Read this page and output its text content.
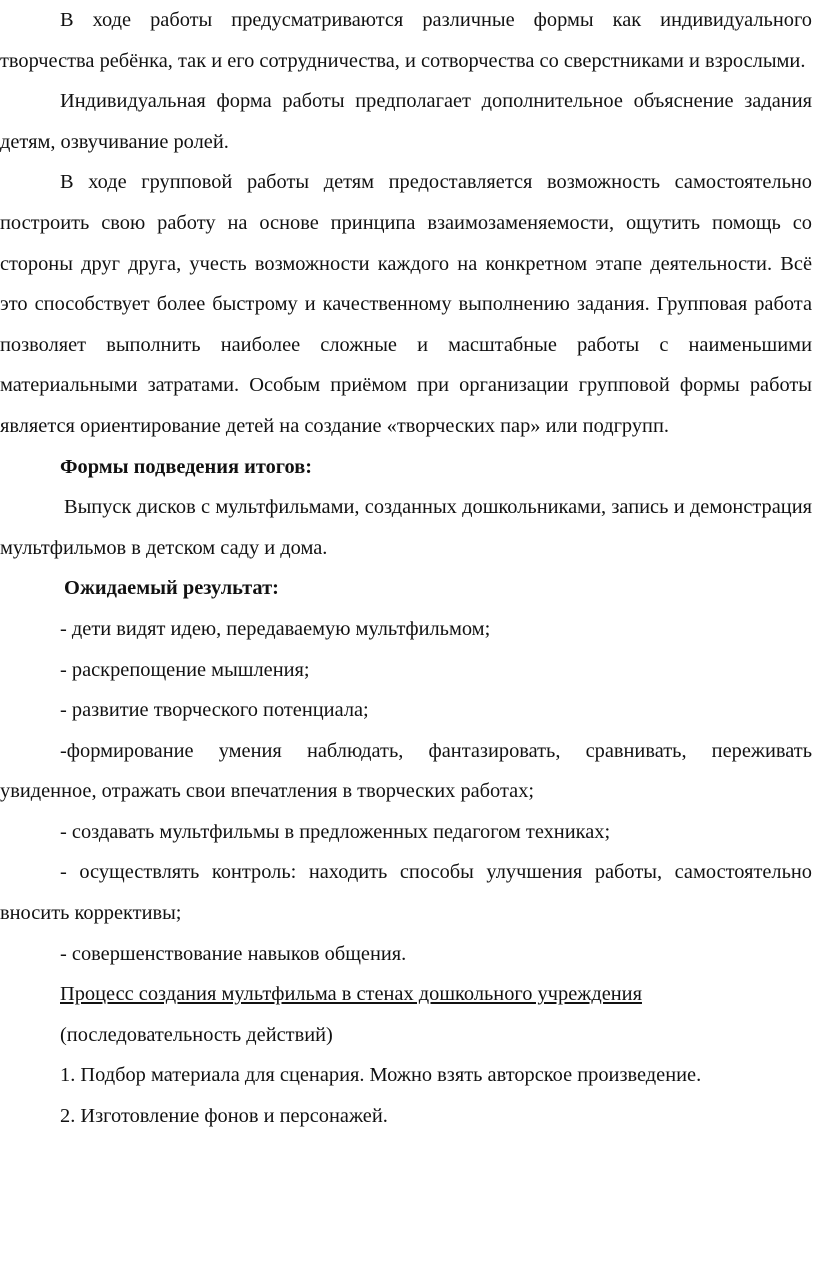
В ходе работы предусматриваются различные формы как индивидуального творчества ребёнка, так и его сотрудничества, и сотворчества со сверстниками и взрослыми.

Индивидуальная форма работы предполагает дополнительное объяснение задания детям, озвучивание ролей.

В ходе групповой работы детям предоставляется возможность самостоятельно построить свою работу на основе принципа взаимозаменяемости, ощутить помощь со стороны друг друга, учесть возможности каждого на конкретном этапе деятельности. Всё это способствует более быстрому и качественному выполнению задания. Групповая работа позволяет выполнить наиболее сложные и масштабные работы с наименьшими материальными затратами. Особым приёмом при организации групповой формы работы является ориентирование детей на создание «творческих пар» или подгрупп.

Формы подведения итогов:

Выпуск дисков с мультфильмами, созданных дошкольниками, запись и демонстрация мультфильмов в детском саду и дома.

Ожидаемый результат:

- дети видят идею, передаваемую мультфильмом;

- раскрепощение мышления;

- развитие творческого потенциала;

-формирование умения наблюдать, фантазировать, сравнивать, переживать увиденное, отражать свои впечатления в творческих работах;

- создавать мультфильмы в предложенных педагогом техниках;

- осуществлять контроль: находить способы улучшения работы, самостоятельно вносить коррективы;

- совершенствование навыков общения.

Процесс создания мультфильма в стенах дошкольного учреждения

(последовательность действий)

1. Подбор материала для сценария. Можно взять авторское произведение.

2. Изготовление фонов и персонажей.
